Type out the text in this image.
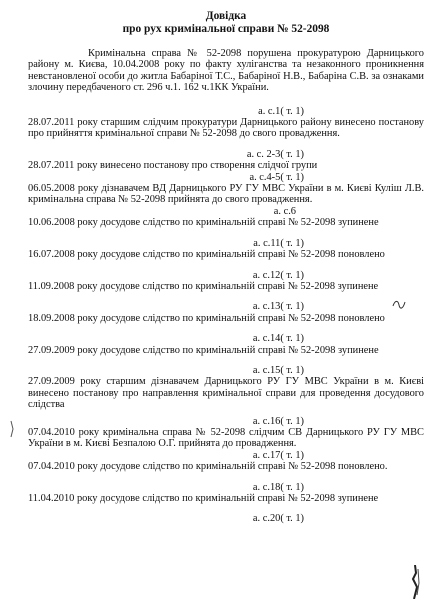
Довідка

про рух кримінальної справи № 52-2098

Кримінальна справа № 52-2098 порушена прокуратурою Дарницького району м. Києва, 10.04.2008 року по факту хуліганства та незаконного проникнення невстановленої особи до житла Бабаріної Т.С., Бабаріної Н.В., Бабаріна С.В. за ознаками злочину передбаченого ст. 296 ч.1. 162 ч.1КК України.

а. с.1( т. 1)

28.07.2011 року старшим слідчим прокуратури Дарницького району винесено постанову про прийняття кримінальної справи № 52-2098 до свого провадження.

а. с. 2-3( т. 1)

28.07.2011 року винесено постанову про створення слідчої групи

а. с.4-5( т. 1)

06.05.2008 року дізнавачем ВД Дарницького РУ ГУ МВС України в м. Києві Кулiш Л.В. кримінальна справа № 52-2098 прийнята до свого провадження.

а. с.6

10.06.2008 року досудове слідство по кримінальній справі № 52-2098 зупинене

а. с.11( т. 1)

16.07.2008 року досудове слідство по кримінальній справі № 52-2098 поновлено

а. с.12( т. 1)

11.09.2008 року досудове слідство по кримінальній справі № 52-2098 зупинене

а. с.13( т. 1)

18.09.2008 року досудове слідство по кримінальній справі № 52-2098 поновлено

а. с.14( т. 1)

27.09.2009 року досудове слідство по кримінальній справі № 52-2098 зупинене

а. с.15( т. 1)

27.09.2009 року старшим дізнавачем Дарницького РУ ГУ МВС України в м. Києві винесено постанову про направлення кримінальної справи для проведення досудового слідства

а. с.16( т. 1)

07.04.2010 року кримінальна справа № 52-2098 слідчим СВ Дарницького РУ ГУ МВС України в м. Києві Безпалою О.Г. прийнята до провадження.

а. с.17( т. 1)

07.04.2010 року досудове слідство по кримінальній справі № 52-2098 поновлено.

а. с.18( т. 1)

11.04.2010 року досудове слідство по кримінальній справі № 52-2098 зупинене

а. с.20( т. 1)
